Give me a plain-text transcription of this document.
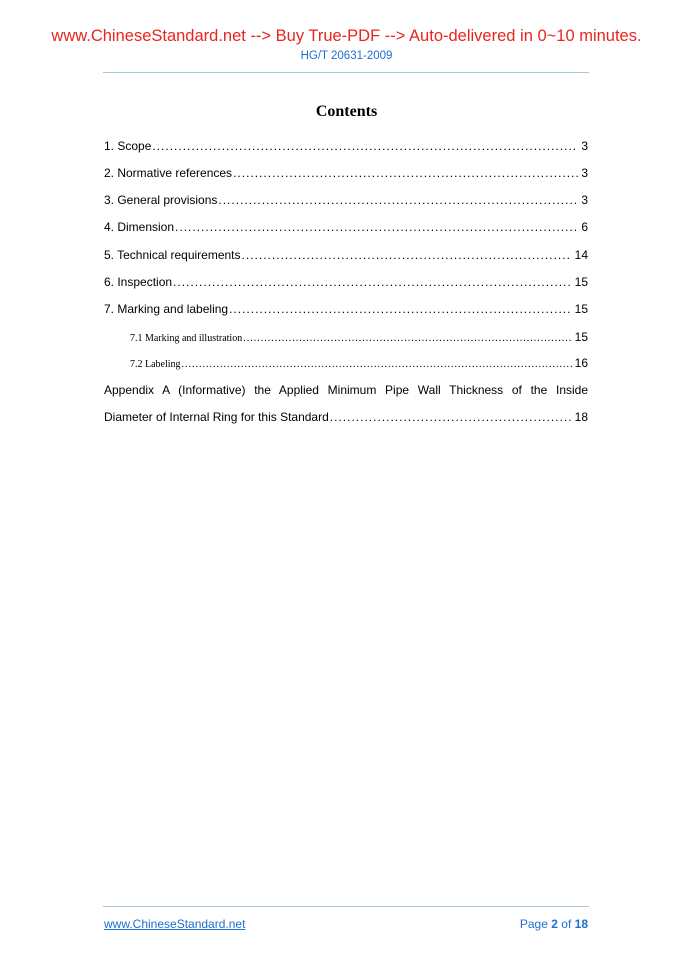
www.ChineseStandard.net --> Buy True-PDF --> Auto-delivered in 0~10 minutes.
HG/T 20631-2009
Contents
1. Scope .....	3
2. Normative references .....	3
3. General provisions .....	3
4. Dimension .....	6
5. Technical requirements .....	14
6. Inspection .....	15
7. Marking and labeling .....	15
7.1 Marking and illustration .....	15
7.2 Labeling .....	16
Appendix A (Informative) the Applied Minimum Pipe Wall Thickness of the Inside
Diameter of Internal Ring for this Standard .....	18
www.ChineseStandard.net	Page 2 of 18
